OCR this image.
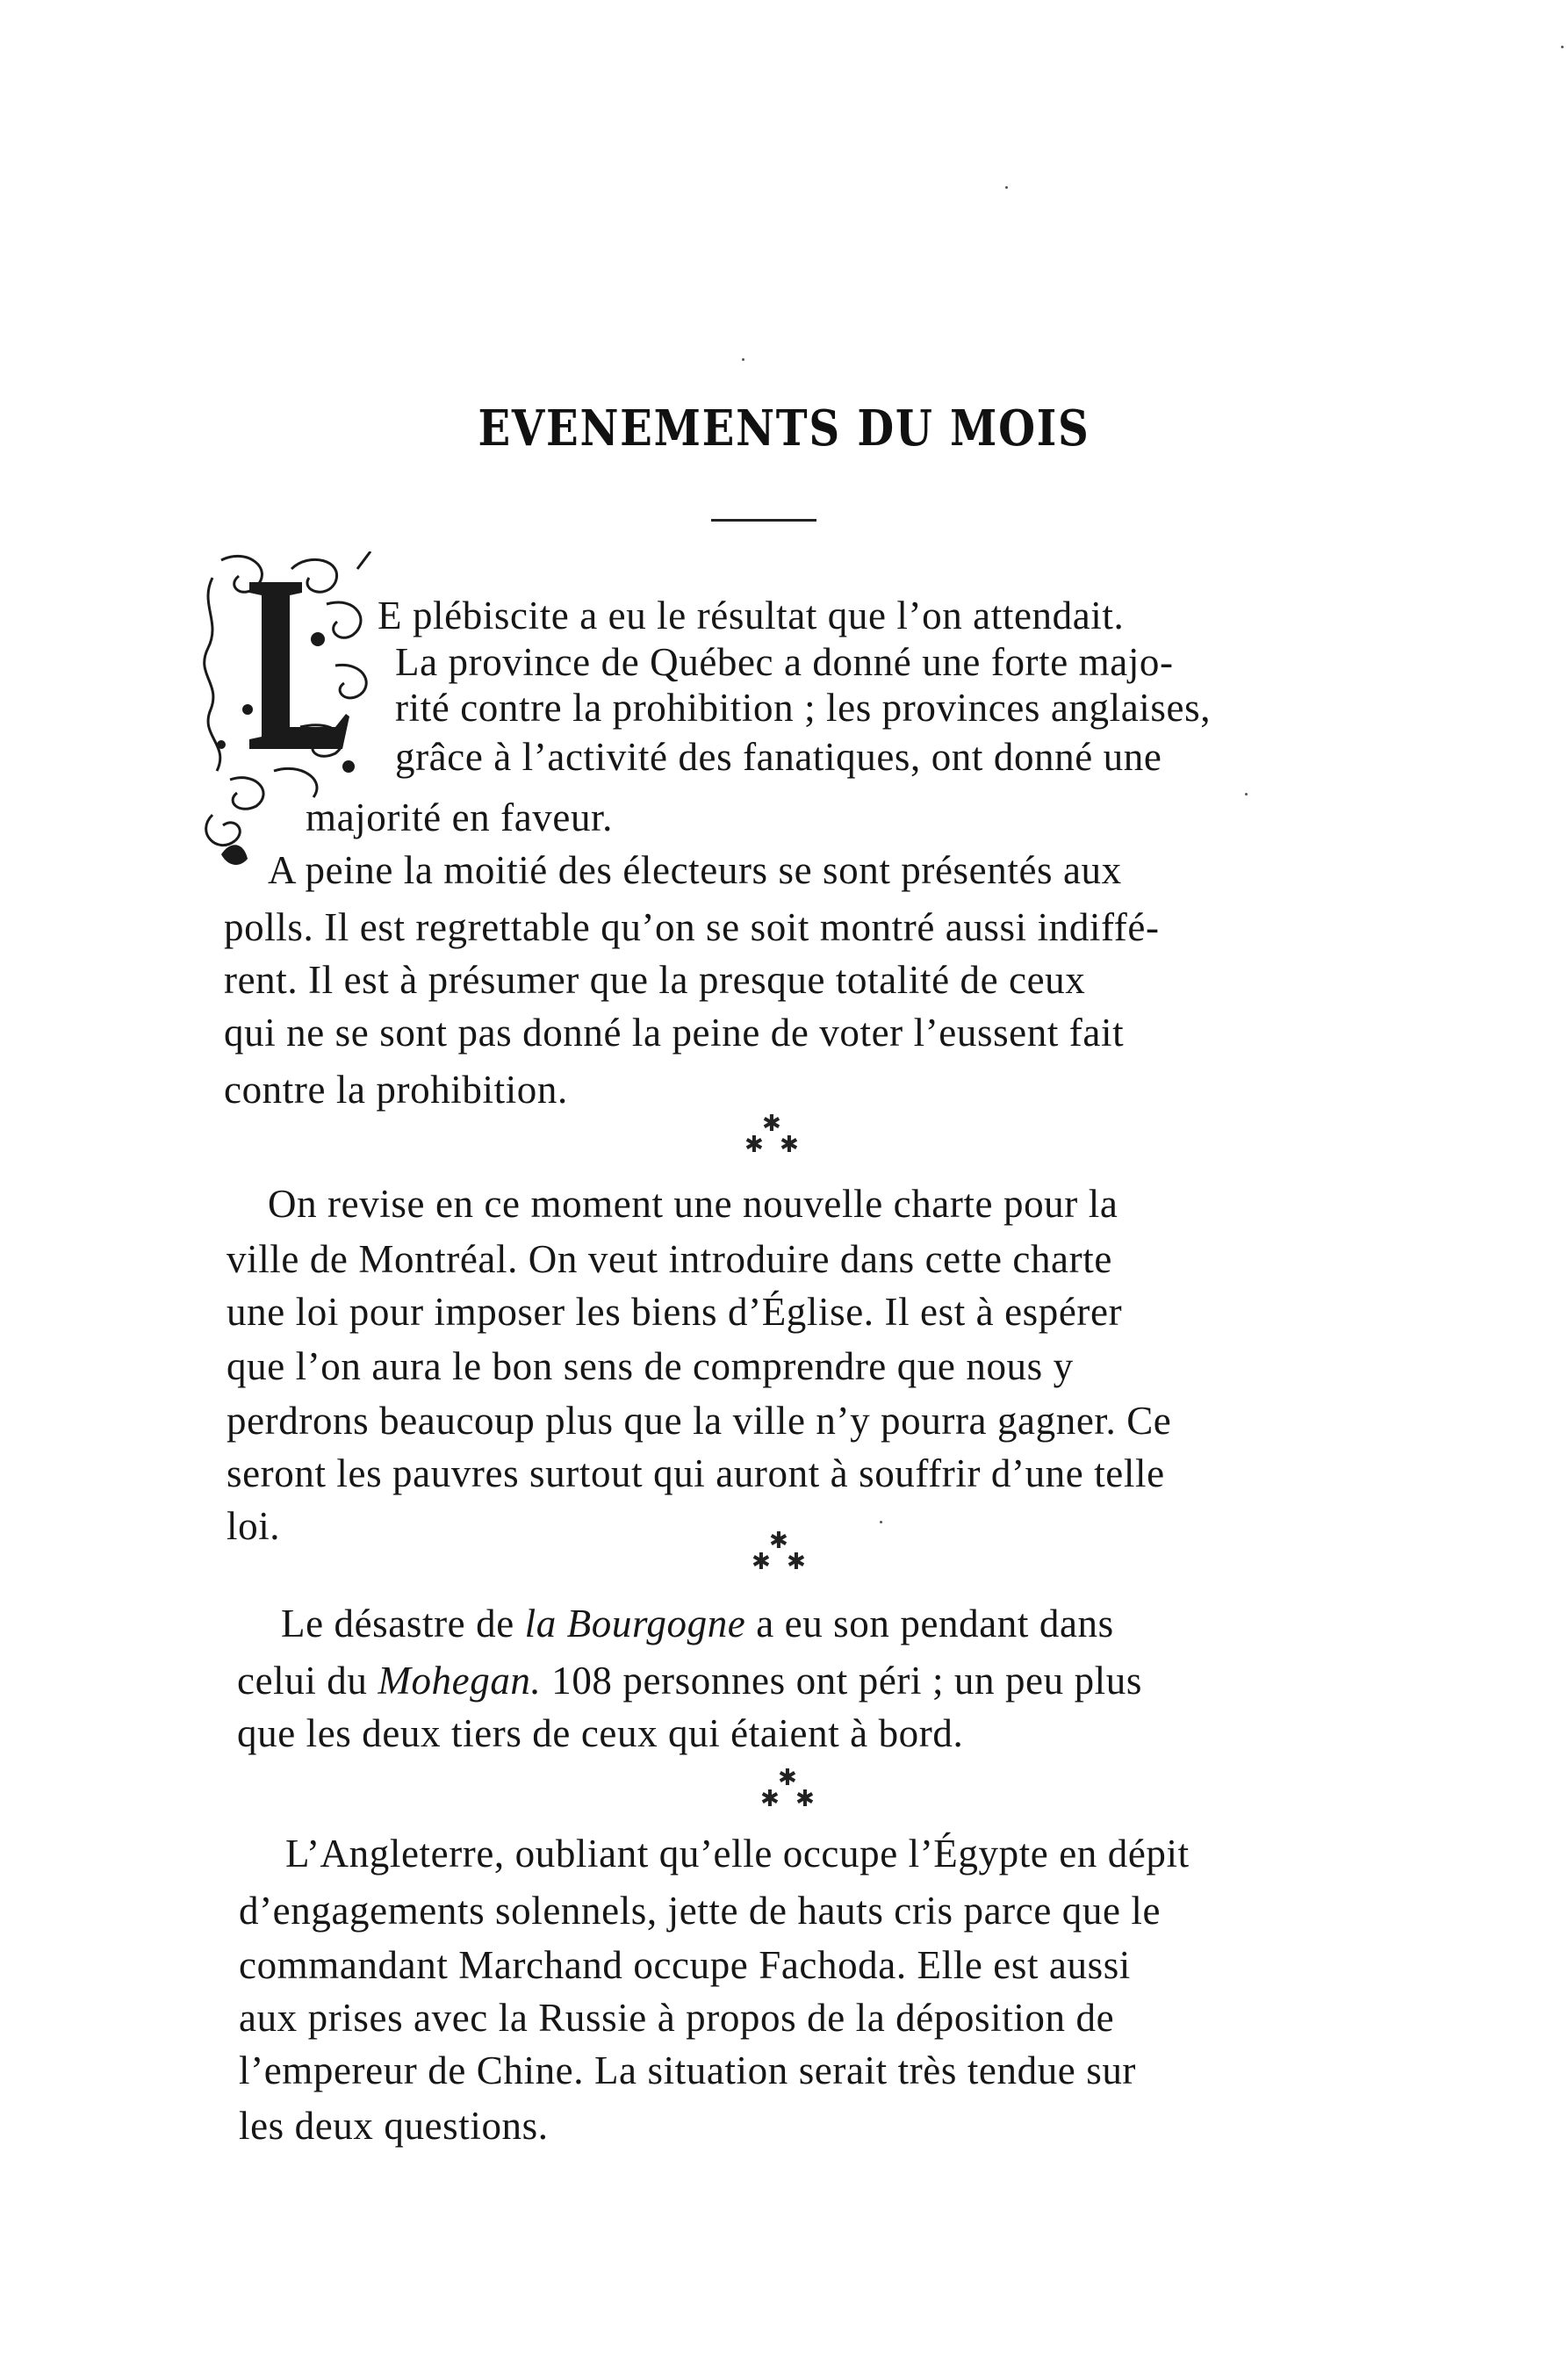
EVENEMENTS DU MOIS
L
E plébiscite a eu le résultat que l’on attendait.
La province de Québec a donné une forte majo-
rité contre la prohibition ; les provinces anglaises,
grâce à l’activité des fanatiques, ont donné une
majorité en faveur.
A peine la moitié des électeurs se sont présentés aux
polls. Il est regrettable qu’on se soit montré aussi indiffé-
rent. Il est à présumer que la presque totalité de ceux
qui ne se sont pas donné la peine de voter l’eussent fait
contre la prohibition.
✱
✱ ✱
On revise en ce moment une nouvelle charte pour la
ville de Montréal. On veut introduire dans cette charte
une loi pour imposer les biens d’Église. Il est à espérer
que l’on aura le bon sens de comprendre que nous y
perdrons beaucoup plus que la ville n’y pourra gagner. Ce
seront les pauvres surtout qui auront à souffrir d’une telle
loi.	✱
✱ ✱
Le désastre de la Bourgogne a eu son pendant dans
celui du Mohegan. 108 personnes ont péri ; un peu plus
que les deux tiers de ceux qui étaient à bord.
✱
✱ ✱
L’Angleterre, oubliant qu’elle occupe l’Égypte en dépit
d’engagements solennels, jette de hauts cris parce que le
commandant Marchand occupe Fachoda. Elle est aussi
aux prises avec la Russie à propos de la déposition de
l’empereur de Chine. La situation serait très tendue sur
les deux questions.
